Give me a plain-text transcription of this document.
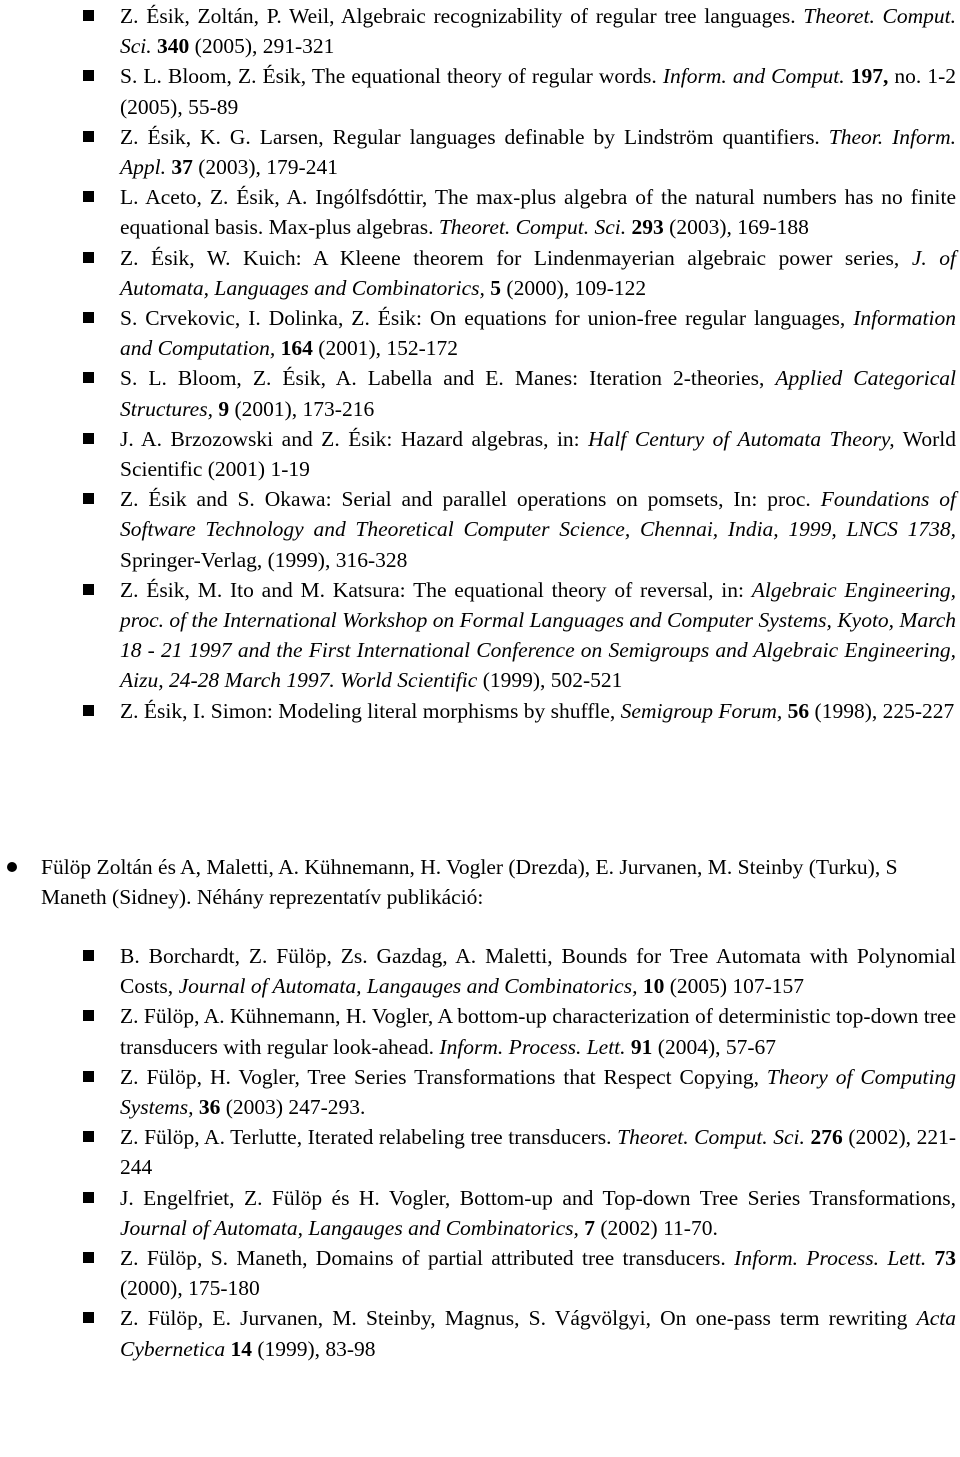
Z. Ésik, Zoltán, P. Weil, Algebraic recognizability of regular tree languages. Theoret. Comput. Sci. 340 (2005), 291-321
S. L. Bloom, Z. Ésik, The equational theory of regular words. Inform. and Comput. 197, no. 1-2 (2005), 55-89
Z. Ésik, K. G. Larsen, Regular languages definable by Lindström quantifiers. Theor. Inform. Appl. 37 (2003), 179-241
L. Aceto, Z. Ésik, A. Ingólfsdóttir, The max-plus algebra of the natural numbers has no finite equational basis. Max-plus algebras. Theoret. Comput. Sci. 293 (2003), 169-188
Z. Ésik, W. Kuich: A Kleene theorem for Lindenmayerian algebraic power series, J. of Automata, Languages and Combinatorics, 5 (2000), 109-122
S. Crvekovic, I. Dolinka, Z. Ésik: On equations for union-free regular languages, Information and Computation, 164 (2001), 152-172
S. L. Bloom, Z. Ésik, A. Labella and E. Manes: Iteration 2-theories, Applied Categorical Structures, 9 (2001), 173-216
J. A. Brzozowski and Z. Ésik: Hazard algebras, in: Half Century of Automata Theory, World Scientific (2001) 1-19
Z. Ésik and S. Okawa: Serial and parallel operations on pomsets, In: proc. Foundations of Software Technology and Theoretical Computer Science, Chennai, India, 1999, LNCS 1738, Springer-Verlag, (1999), 316-328
Z. Ésik, M. Ito and M. Katsura: The equational theory of reversal, in: Algebraic Engineering, proc. of the International Workshop on Formal Languages and Computer Systems, Kyoto, March 18 - 21 1997 and the First International Conference on Semigroups and Algebraic Engineering, Aizu, 24-28 March 1997. World Scientific (1999), 502-521
Z. Ésik, I. Simon: Modeling literal morphisms by shuffle, Semigroup Forum, 56 (1998), 225-227

Fülöp Zoltán és A, Maletti, A. Kühnemann, H. Vogler (Drezda), E. Jurvanen, M. Steinby (Turku), S Maneth (Sidney). Néhány reprezentatív publikáció:

B. Borchardt, Z. Fülöp, Zs. Gazdag, A. Maletti, Bounds for Tree Automata with Polynomial Costs, Journal of Automata, Langauges and Combinatorics, 10 (2005) 107-157
Z. Fülöp, A. Kühnemann, H. Vogler, A bottom-up characterization of deterministic top-down tree transducers with regular look-ahead. Inform. Process. Lett. 91 (2004), 57-67
Z. Fülöp, H. Vogler, Tree Series Transformations that Respect Copying, Theory of Computing Systems, 36 (2003) 247-293.
Z. Fülöp, A. Terlutte, Iterated relabeling tree transducers. Theoret. Comput. Sci. 276 (2002), 221-244
J. Engelfriet, Z. Fülöp és H. Vogler, Bottom-up and Top-down Tree Series Transformations, Journal of Automata, Langauges and Combinatorics, 7 (2002) 11-70.
Z. Fülöp, S. Maneth, Domains of partial attributed tree transducers. Inform. Process. Lett. 73 (2000), 175-180
Z. Fülöp, E. Jurvanen, M. Steinby, Magnus, S. Vágvölgyi, On one-pass term rewriting Acta Cybernetica 14 (1999), 83-98
